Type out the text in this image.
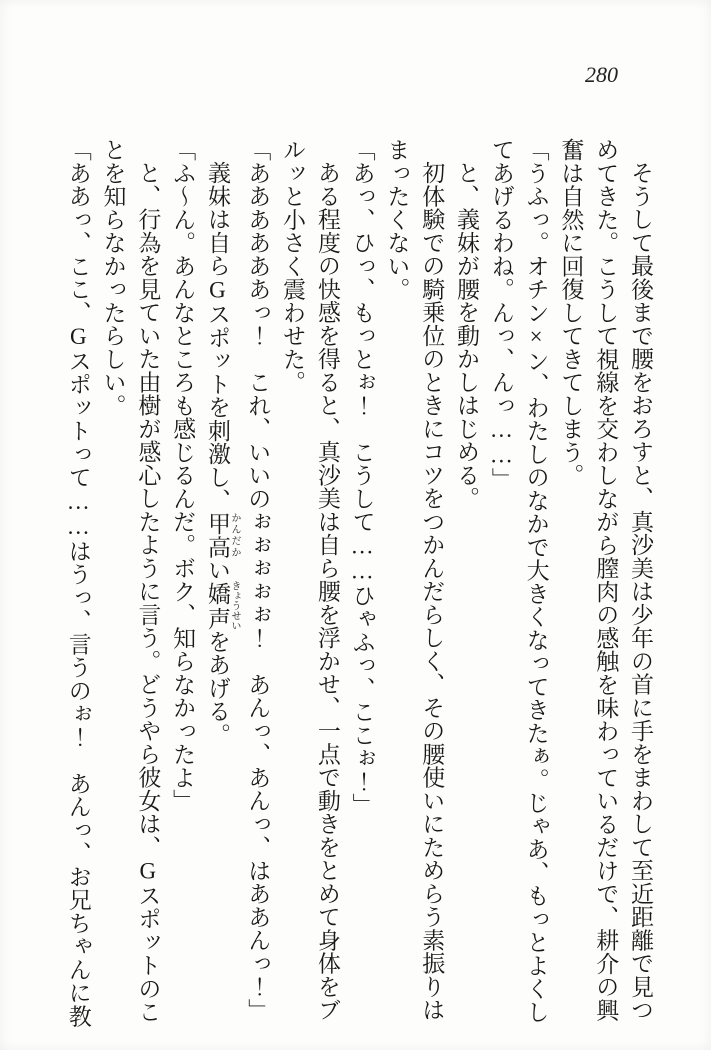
280

そうして最後まで腰をおろすと、真沙美は少年の首に手をまわして至近距離で見つ

めてきた。こうして視線を交わしながら膣肉の感触を味わっているだけで、耕介の興

奮は自然に回復してきてしまう。

「うふっ。オチン×ン、わたしのなかで大きくなってきたぁ。じゃあ、もっとよくし

てあげるわね。んっ、んっ……」

と、義妹が腰を動かしはじめる。

初体験での騎乗位のときにコツをつかんだらしく、その腰使いにためらう素振りは

まったくない。

「あっ、ひっ、もっとぉ！　こうして……ひゃふっ、ここぉ！」

ある程度の快感を得ると、真沙美は自ら腰を浮かせ、一点で動きをとめて身体をブ

ルッと小さく震わせた。

「ああああああっ！　これ、いいのぉぉぉぉぉ！　あんっ、あんっ、はああんっ！」

義妹は自らGスポットを刺激し、甲高 かんだかい嬌声 きょうせいをあげる。

「ふ～ん。あんなところも感じるんだ。ボク、知らなかったよ」

と、行為を見ていた由樹が感心したように言う。どうやら彼女は、Gスポットのこ

とを知らなかったらしい。

「ああっ、ここ、Gスポットって……はうっ、言うのぉ！　あんっ、お兄ちゃんに教
